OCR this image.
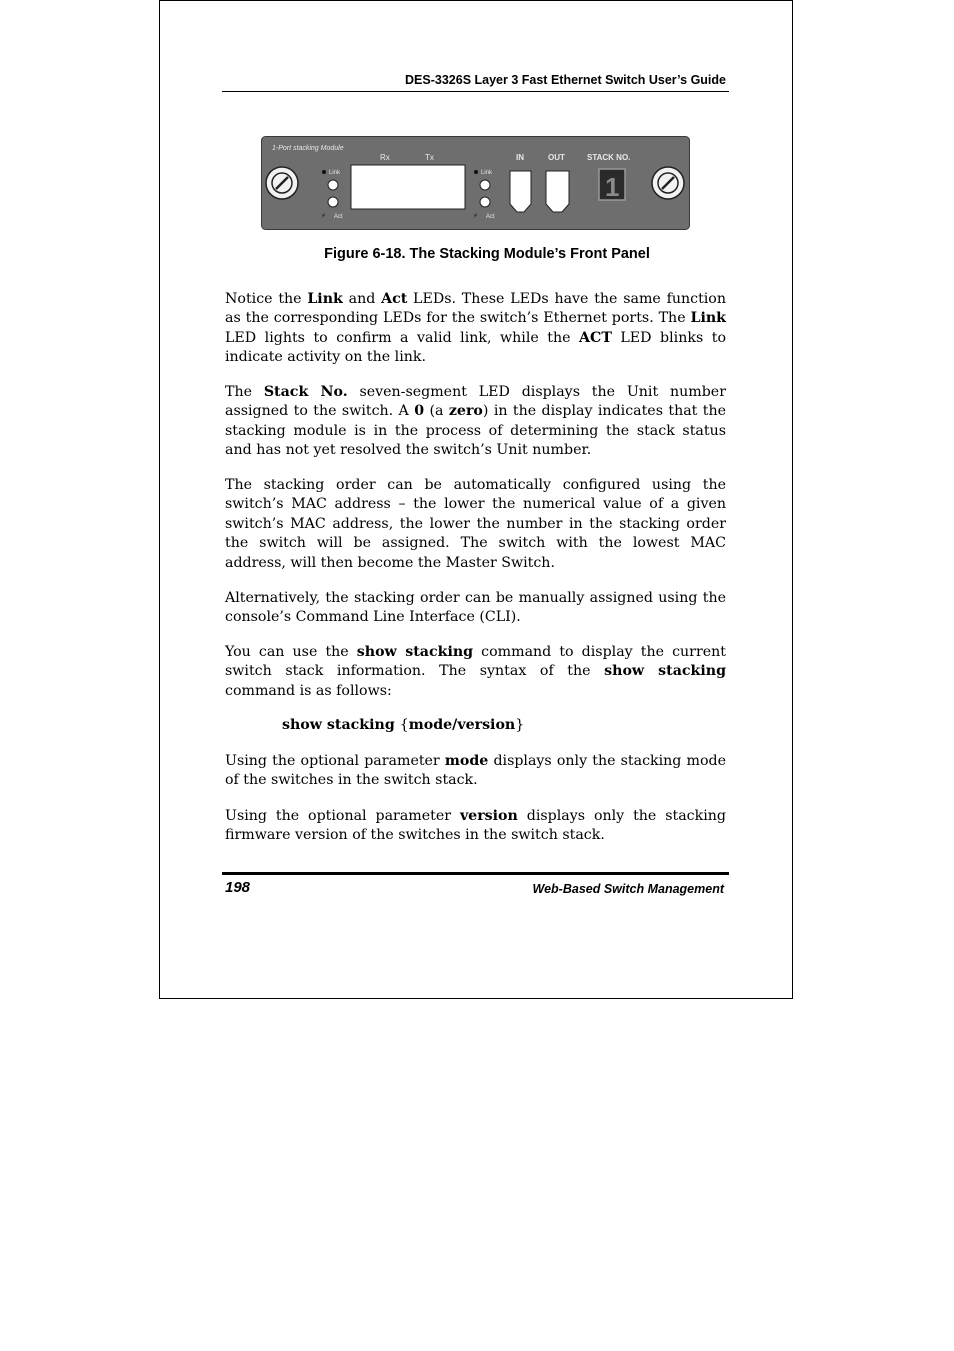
DES-3326S Layer 3 Fast Ethernet Switch User’s Guide
1-Port stacking Module
Link
⚡ Act
Rx	Tx
Link
⚡ Act
IN	OUT	STACK NO.
1
Figure 6-18. The Stacking Module’s Front Panel

Notice the Link and Act LEDs. These LEDs have the same function as the corresponding LEDs for the switch’s Ethernet ports. The Link LED lights to confirm a valid link, while the ACT LED blinks to indicate activity on the link.

The Stack No. seven-segment LED displays the Unit number assigned to the switch. A 0 (a zero) in the display indicates that the stacking module is in the process of determining the stack status and has not yet resolved the switch’s Unit number.

The stacking order can be automatically configured using the switch’s MAC address – the lower the numerical value of a given switch’s MAC address, the lower the number in the stacking order the switch will be assigned. The switch with the lowest MAC address, will then become the Master Switch.

Alternatively, the stacking order can be manually assigned using the console’s Command Line Interface (CLI).

You can use the show stacking command to display the current switch stack information. The syntax of the show stacking command is as follows:

show stacking {mode/version}

Using the optional parameter mode displays only the stacking mode of the switches in the switch stack.

Using the optional parameter version displays only the stacking firmware version of the switches in the switch stack.

198	Web-Based Switch Management
